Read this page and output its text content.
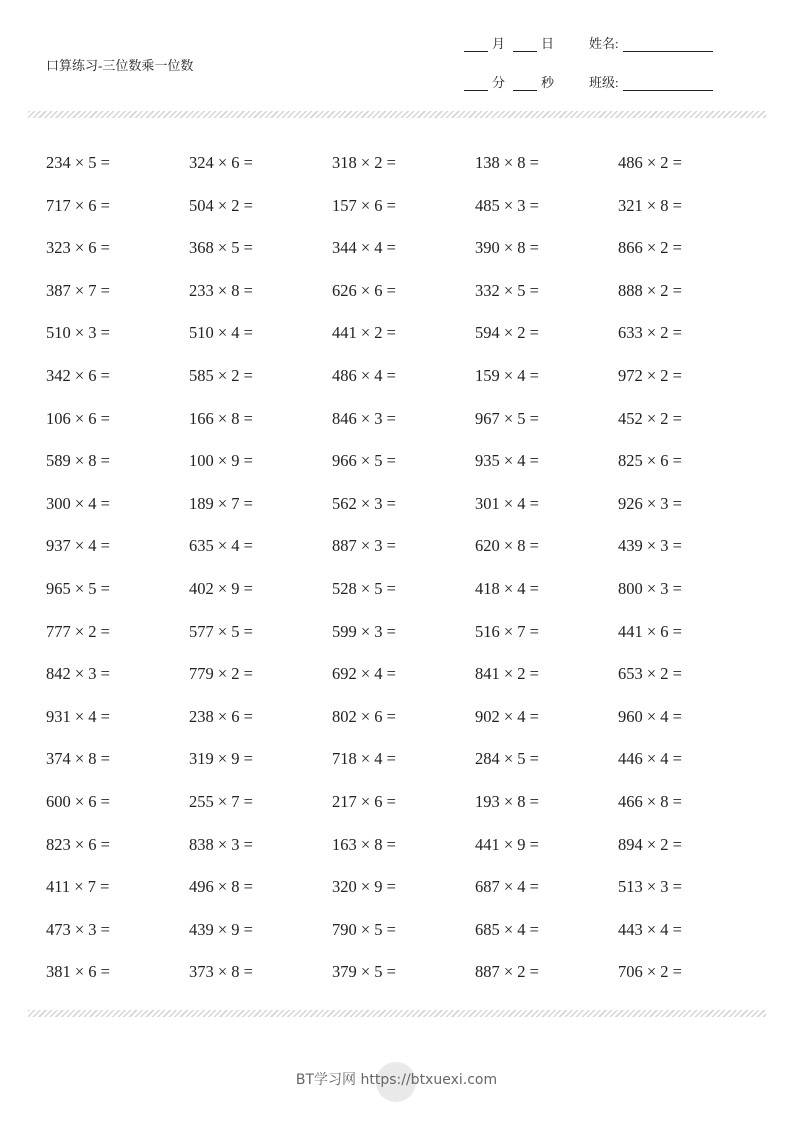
口算练习-三位数乘一位数
月	日	姓名:
分	秒	班级:
234 × 5 =	324 × 6 =	318 × 2 =	138 × 8 =	486 × 2 =
717 × 6 =	504 × 2 =	157 × 6 =	485 × 3 =	321 × 8 =
323 × 6 =	368 × 5 =	344 × 4 =	390 × 8 =	866 × 2 =
387 × 7 =	233 × 8 =	626 × 6 =	332 × 5 =	888 × 2 =
510 × 3 =	510 × 4 =	441 × 2 =	594 × 2 =	633 × 2 =
342 × 6 =	585 × 2 =	486 × 4 =	159 × 4 =	972 × 2 =
106 × 6 =	166 × 8 =	846 × 3 =	967 × 5 =	452 × 2 =
589 × 8 =	100 × 9 =	966 × 5 =	935 × 4 =	825 × 6 =
300 × 4 =	189 × 7 =	562 × 3 =	301 × 4 =	926 × 3 =
937 × 4 =	635 × 4 =	887 × 3 =	620 × 8 =	439 × 3 =
965 × 5 =	402 × 9 =	528 × 5 =	418 × 4 =	800 × 3 =
777 × 2 =	577 × 5 =	599 × 3 =	516 × 7 =	441 × 6 =
842 × 3 =	779 × 2 =	692 × 4 =	841 × 2 =	653 × 2 =
931 × 4 =	238 × 6 =	802 × 6 =	902 × 4 =	960 × 4 =
374 × 8 =	319 × 9 =	718 × 4 =	284 × 5 =	446 × 4 =
600 × 6 =	255 × 7 =	217 × 6 =	193 × 8 =	466 × 8 =
823 × 6 =	838 × 3 =	163 × 8 =	441 × 9 =	894 × 2 =
411 × 7 =	496 × 8 =	320 × 9 =	687 × 4 =	513 × 3 =
473 × 3 =	439 × 9 =	790 × 5 =	685 × 4 =	443 × 4 =
381 × 6 =	373 × 8 =	379 × 5 =	887 × 2 =	706 × 2 =
BT学习网 https://btxuexi.com
